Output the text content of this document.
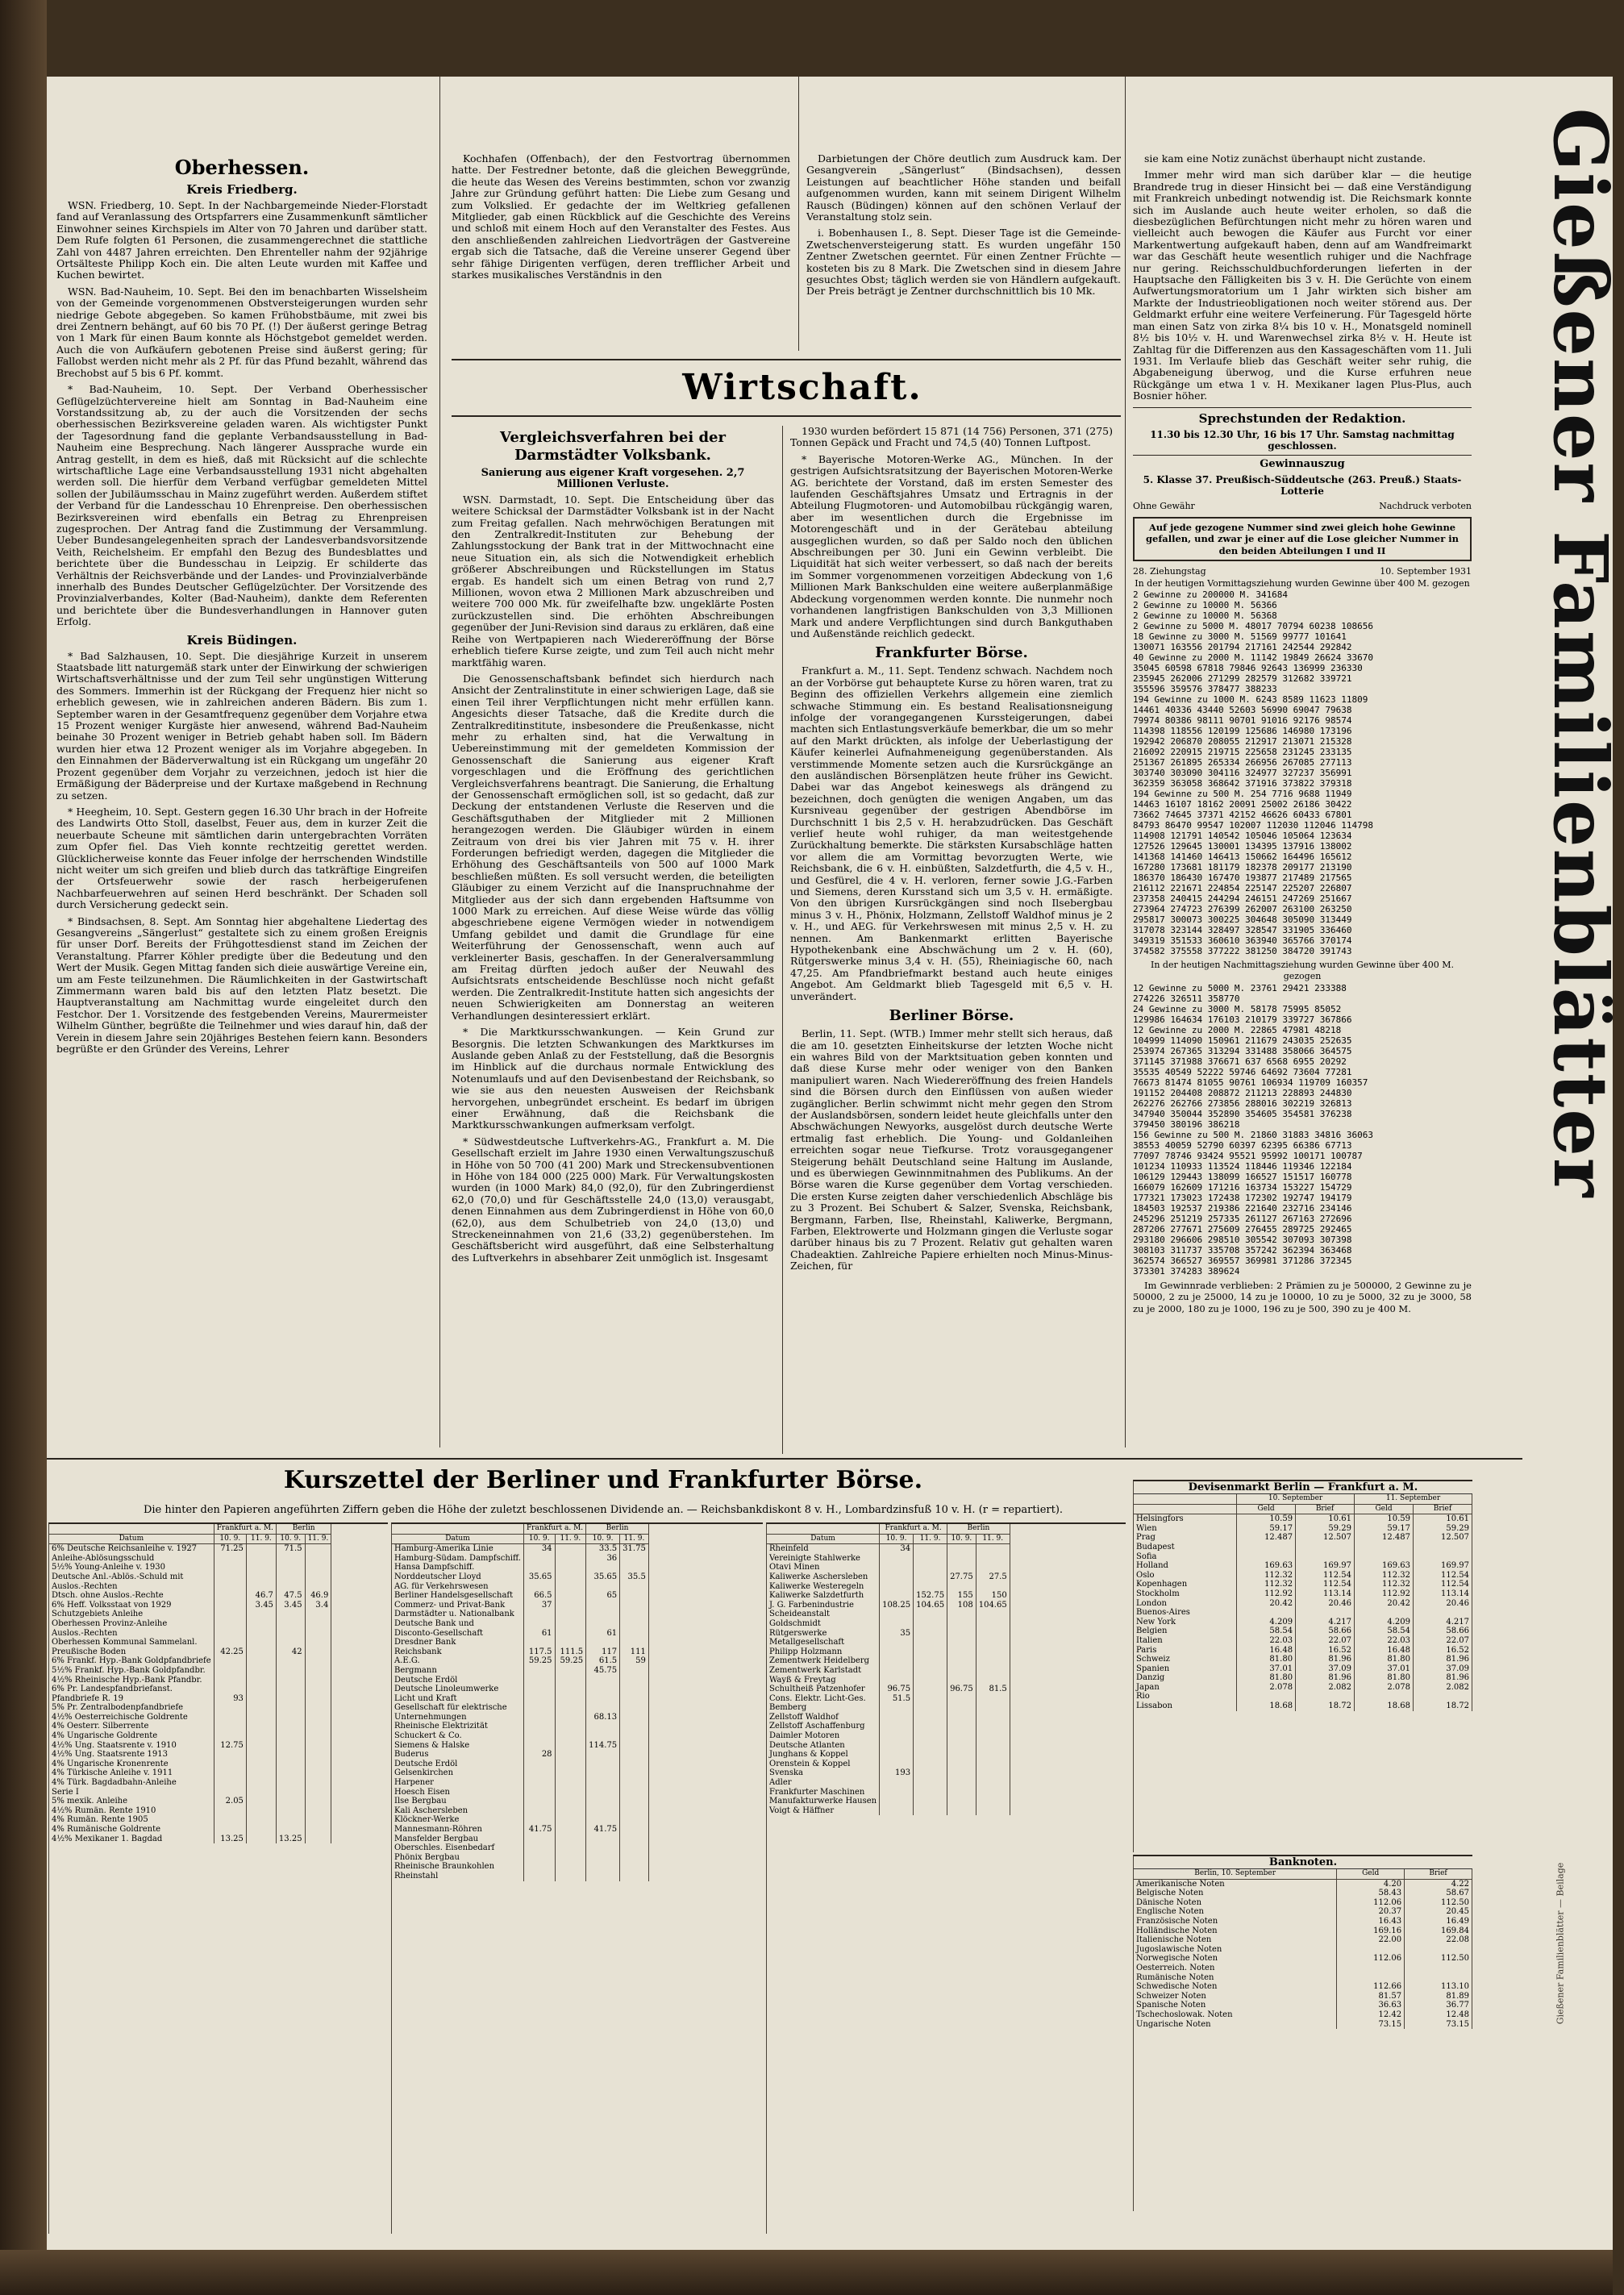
Oberhessen.
Kreis Friedberg.

WSN. Friedberg, 10. Sept. In der Nachbargemeinde Nieder-Florstadt fand auf Veranlassung des Ortspfarrers eine Zusammenkunft sämtlicher Einwohner seines Kirchspiels im Alter von 70 Jahren und darüber statt. Dem Rufe folgten 61 Personen, die zusammengerechnet die stattliche Zahl von 4487 Jahren erreichten. Den Ehrenteller nahm der 92jährige Ortsälteste Philipp Koch ein. Die alten Leute wurden mit Kaffee und Kuchen bewirtet.

WSN. Bad-Nauheim, 10. Sept. Bei den im benachbarten Wisselsheim von der Gemeinde vorgenommenen Obstversteigerungen wurden sehr niedrige Gebote abgegeben. So kamen Frühobstbäume, mit zwei bis drei Zentnern behängt, auf 60 bis 70 Pf. (!) Der äußerst geringe Betrag von 1 Mark für einen Baum konnte als Höchstgebot gemeldet werden. Auch die von Aufkäufern gebotenen Preise sind äußerst gering; für Fallobst werden nicht mehr als 2 Pf. für das Pfund bezahlt, während das Brechobst auf 5 bis 6 Pf. kommt.

* Bad-Nauheim, 10. Sept. Der Verband Oberhessischer Geflügelzüchtervereine hielt am Sonntag in Bad-Nauheim eine Vorstandssitzung ab, zu der auch die Vorsitzenden der sechs oberhessischen Bezirksvereine geladen waren. Als wichtigster Punkt der Tagesordnung fand die geplante Verbandsausstellung in Bad-Nauheim eine Besprechung. Nach längerer Aussprache wurde ein Antrag gestellt, in dem es hieß, daß mit Rücksicht auf die schlechte wirtschaftliche Lage eine Verbandsausstellung 1931 nicht abgehalten werden soll. Die hierfür dem Verband verfügbar gemeldeten Mittel sollen der Jubiläumsschau in Mainz zugeführt werden. Außerdem stiftet der Verband für die Landesschau 10 Ehrenpreise. Den oberhessischen Bezirksvereinen wird ebenfalls ein Betrag zu Ehrenpreisen zugesprochen. Der Antrag fand die Zustimmung der Versammlung. Ueber Bundesangelegenheiten sprach der Landesverbandsvorsitzende Veith, Reichelsheim. Er empfahl den Bezug des Bundesblattes und berichtete über die Bundesschau in Leipzig. Er schilderte das Verhältnis der Reichsverbände und der Landes- und Provinzialverbände innerhalb des Bundes Deutscher Geflügelzüchter. Der Vorsitzende des Provinzialverbandes, Kolter (Bad-Nauheim), dankte dem Referenten und berichtete über die Bundesverhandlungen in Hannover guten Erfolg.

Kreis Büdingen.

* Bad Salzhausen, 10. Sept. Die diesjährige Kurzeit in unserem Staatsbade litt naturgemäß stark unter der Einwirkung der schwierigen Wirtschaftsverhältnisse und der zum Teil sehr ungünstigen Witterung des Sommers. Immerhin ist der Rückgang der Frequenz hier nicht so erheblich gewesen, wie in zahlreichen anderen Bädern. Bis zum 1. September waren in der Gesamtfrequenz gegenüber dem Vorjahre etwa 15 Prozent weniger Kurgäste hier anwesend, während Bad-Nauheim beinahe 30 Prozent weniger in Betrieb gehabt haben soll. Im Bädern wurden hier etwa 12 Prozent weniger als im Vorjahre abgegeben. In den Einnahmen der Bäderverwaltung ist ein Rückgang um ungefähr 20 Prozent gegenüber dem Vorjahr zu verzeichnen, jedoch ist hier die Ermäßigung der Bäderpreise und der Kurtaxe maßgebend in Rechnung zu setzen.

* Heegheim, 10. Sept. Gestern gegen 16.30 Uhr brach in der Hofreite des Landwirts Otto Stoll, daselbst, Feuer aus, dem in kurzer Zeit die neuerbaute Scheune mit sämtlichen darin untergebrachten Vorräten zum Opfer fiel. Das Vieh konnte rechtzeitig gerettet werden. Glücklicherweise konnte das Feuer infolge der herrschenden Windstille nicht weiter um sich greifen und blieb durch das tatkräftige Eingreifen der Ortsfeuerwehr sowie der rasch herbeigerufenen Nachbarfeuerwehren auf seinen Herd beschränkt. Der Schaden soll durch Versicherung gedeckt sein.

* Bindsachsen, 8. Sept. Am Sonntag hier abgehaltene Liedertag des Gesangvereins „Sängerlust“ gestaltete sich zu einem großen Ereignis für unser Dorf. Bereits der Frühgottesdienst stand im Zeichen der Veranstaltung. Pfarrer Köhler predigte über die Bedeutung und den Wert der Musik. Gegen Mittag fanden sich dieie auswärtige Vereine ein, um am Feste teilzunehmen. Die Räumlichkeiten in der Gastwirtschaft Zimmermann waren bald bis auf den letzten Platz besetzt. Die Hauptveranstaltung am Nachmittag wurde eingeleitet durch den Festchor. Der 1. Vorsitzende des festgebenden Vereins, Maurermeister Wilhelm Günther, begrüßte die Teilnehmer und wies darauf hin, daß der Verein in diesem Jahre sein 20jähriges Bestehen feiern kann. Besonders begrüßte er den Gründer des Vereins, Lehrer

Kochhafen (Offenbach), der den Festvortrag übernommen hatte. Der Festredner betonte, daß die gleichen Beweggründe, die heute das Wesen des Vereins bestimmten, schon vor zwanzig Jahre zur Gründung geführt hatten: Die Liebe zum Gesang und zum Volkslied. Er gedachte der im Weltkrieg gefallenen Mitglieder, gab einen Rückblick auf die Geschichte des Vereins und schloß mit einem Hoch auf den Veranstalter des Festes. Aus den anschließenden zahlreichen Liedvorträgen der Gastvereine ergab sich die Tatsache, daß die Vereine unserer Gegend über sehr fähige Dirigenten verfügen, deren trefflicher Arbeit und starkes musikalisches Verständnis in den

Darbietungen der Chöre deutlich zum Ausdruck kam. Der Gesangverein „Sängerlust“ (Bindsachsen), dessen Leistungen auf beachtlicher Höhe standen und beifall aufgenommen wurden, kann mit seinem Dirigent Wilhelm Rausch (Büdingen) können auf den schönen Verlauf der Veranstaltung stolz sein.

i. Bobenhausen I., 8. Sept. Dieser Tage ist die Gemeinde-Zwetschenversteigerung statt. Es wurden ungefähr 150 Zentner Zwetschen geerntet. Für einen Zentner Früchte — kosteten bis zu 8 Mark. Die Zwetschen sind in diesem Jahre gesuchtes Obst; täglich werden sie von Händlern aufgekauft. Der Preis beträgt je Zentner durchschnittlich bis 10 Mk.

Wirtschaft.
Vergleichsverfahren bei der Darmstädter Volksbank.
Sanierung aus eigener Kraft vorgesehen. 2,7 Millionen Verluste.

WSN. Darmstadt, 10. Sept. Die Entscheidung über das weitere Schicksal der Darmstädter Volksbank ist in der Nacht zum Freitag gefallen. Nach mehrwöchigen Beratungen mit den Zentralkredit-Instituten zur Behebung der Zahlungsstockung der Bank trat in der Mittwochnacht eine neue Situation ein, als sich die Notwendigkeit erheblich größerer Abschreibungen und Rückstellungen im Status ergab. Es handelt sich um einen Betrag von rund 2,7 Millionen, wovon etwa 2 Millionen Mark abzuschreiben und weitere 700 000 Mk. für zweifelhafte bzw. ungeklärte Posten zurückzustellen sind. Die erhöhten Abschreibungen gegenüber der Juni-Revision sind daraus zu erklären, daß eine Reihe von Wertpapieren nach Wiedereröffnung der Börse erheblich tiefere Kurse zeigte, und zum Teil auch nicht mehr marktfähig waren.

Die Genossenschaftsbank befindet sich hierdurch nach Ansicht der Zentralinstitute in einer schwierigen Lage, daß sie einen Teil ihrer Verpflichtungen nicht mehr erfüllen kann. Angesichts dieser Tatsache, daß die Kredite durch die Zentralkreditinstitute, insbesondere die Preußenkasse, nicht mehr zu erhalten sind, hat die Verwaltung in Uebereinstimmung mit der gemeldeten Kommission der Genossenschaft die Sanierung aus eigener Kraft vorgeschlagen und die Eröffnung des gerichtlichen Vergleichsverfahrens beantragt. Die Sanierung, die Erhaltung der Genossenschaft ermöglichen soll, ist so gedacht, daß zur Deckung der entstandenen Verluste die Reserven und die Geschäftsguthaben der Mitglieder mit 2 Millionen herangezogen werden. Die Gläubiger würden in einem Zeitraum von drei bis vier Jahren mit 75 v. H. ihrer Forderungen befriedigt werden, dagegen die Mitglieder die Erhöhung des Geschäftsanteils von 500 auf 1000 Mark beschließen müßten. Es soll versucht werden, die beteiligten Gläubiger zu einem Verzicht auf die Inanspruchnahme der Mitglieder aus der sich dann ergebenden Haftsumme von 1000 Mark zu erreichen. Auf diese Weise würde das völlig abgeschriebene eigene Vermögen wieder in notwendigem Umfang gebildet und damit die Grundlage für eine Weiterführung der Genossenschaft, wenn auch auf verkleinerter Basis, geschaffen. In der Generalversammlung am Freitag dürften jedoch außer der Neuwahl des Aufsichtsrats entscheidende Beschlüsse noch nicht gefaßt werden. Die Zentralkredit-Institute hatten sich angesichts der neuen Schwierigkeiten am Donnerstag an weiteren Verhandlungen desinteressiert erklärt.

* Die Marktkursschwankungen. — Kein Grund zur Besorgnis. Die letzten Schwankungen des Marktkurses im Auslande geben Anlaß zu der Feststellung, daß die Besorgnis im Hinblick auf die durchaus normale Entwicklung des Notenumlaufs und auf den Devisenbestand der Reichsbank, so wie sie aus den neuesten Ausweisen der Reichsbank hervorgehen, unbegründet erscheint. Es bedarf im übrigen einer Erwähnung, daß die Reichsbank die Marktkursschwankungen aufmerksam verfolgt.

* Südwestdeutsche Luftverkehrs-AG., Frankfurt a. M. Die Gesellschaft erzielt im Jahre 1930 einen Verwaltungszuschuß in Höhe von 50 700 (41 200) Mark und Streckensubventionen in Höhe von 184 000 (225 000) Mark. Für Verwaltungskosten wurden (in 1000 Mark) 84,0 (92,0), für den Zubringerdienst 62,0 (70,0) und für Geschäftsstelle 24,0 (13,0) verausgabt, denen Einnahmen aus dem Zubringerdienst in Höhe von 60,0 (62,0), aus dem Schulbetrieb von 24,0 (13,0) und Streckeneinnahmen von 21,6 (33,2) gegenüberstehen. Im Geschäftsbericht wird ausgeführt, daß eine Selbsterhaltung des Luftverkehrs in absehbarer Zeit unmöglich ist. Insgesamt

1930 wurden befördert 15 871 (14 756) Personen, 371 (275) Tonnen Gepäck und Fracht und 74,5 (40) Tonnen Luftpost.

* Bayerische Motoren-Werke AG., München. In der gestrigen Aufsichtsratsitzung der Bayerischen Motoren-Werke AG. berichtete der Vorstand, daß im ersten Semester des laufenden Geschäftsjahres Umsatz und Ertragnis in der Abteilung Flugmotoren- und Automobilbau rückgängig waren, aber im wesentlichen durch die Ergebnisse im Motorengeschäft und in der Gerätebau abteilung ausgeglichen wurden, so daß per Saldo noch den üblichen Abschreibungen per 30. Juni ein Gewinn verbleibt. Die Liquidität hat sich weiter verbessert, so daß nach der bereits im Sommer vorgenommenen vorzeitigen Abdeckung von 1,6 Millionen Mark Bankschulden eine weitere außerplanmäßige Abdeckung vorgenommen werden konnte. Die nunmehr noch vorhandenen langfristigen Bankschulden von 3,3 Millionen Mark und andere Verpflichtungen sind durch Bankguthaben und Außenstände reichlich gedeckt.

Frankfurter Börse.

Frankfurt a. M., 11. Sept. Tendenz schwach. Nachdem noch an der Vorbörse gut behauptete Kurse zu hören waren, trat zu Beginn des offiziellen Verkehrs allgemein eine ziemlich schwache Stimmung ein. Es bestand Realisationsneigung infolge der vorangegangenen Kurssteigerungen, dabei machten sich Entlastungsverkäufe bemerkbar, die um so mehr auf den Markt drückten, als infolge der Ueberlastigung der Käufer keinerlei Aufnahmeneigung gegenüberstanden. Als verstimmende Momente setzen auch die Kursrückgänge an den ausländischen Börsenplätzen heute früher ins Gewicht. Dabei war das Angebot keineswegs als drängend zu bezeichnen, doch genügten die wenigen Angaben, um das Kursniveau gegenüber der gestrigen Abendbörse im Durchschnitt 1 bis 2,5 v. H. herabzudrücken. Das Geschäft verlief heute wohl ruhiger, da man weitestgehende Zurückhaltung bemerkte. Die stärksten Kursabschläge hatten vor allem die am Vormittag bevorzugten Werte, wie Reichsbank, die 6 v. H. einbüßten, Salzdetfurth, die 4,5 v. H., und Gesfürel, die 4 v. H. verloren, ferner sowie J.G.-Farben und Siemens, deren Kursstand sich um 3,5 v. H. ermäßigte. Von den übrigen Kursrückgängen sind noch Ilsebergbau minus 3 v. H., Phönix, Holzmann, Zellstoff Waldhof minus je 2 v. H., und AEG. für Verkehrswesen mit minus 2,5 v. H. zu nennen. Am Bankenmarkt erlitten Bayerische Hypothekenbank eine Abschwächung um 2 v. H. (60), Rütgerswerke minus 3,4 v. H. (55), Rheiniagische 60, nach 47,25. Am Pfandbriefmarkt bestand auch heute einiges Angebot. Am Geldmarkt blieb Tagesgeld mit 6,5 v. H. unverändert.

Berliner Börse.

Berlin, 11. Sept. (WTB.) Immer mehr stellt sich heraus, daß die am 10. gesetzten Einheitskurse der letzten Woche nicht ein wahres Bild von der Marktsituation geben konnten und daß diese Kurse mehr oder weniger von den Banken manipuliert waren. Nach Wiedereröffnung des freien Handels sind die Börsen durch den Einflüssen von außen wieder zugänglicher. Berlin schwimmt nicht mehr gegen den Strom der Auslandsbörsen, sondern leidet heute gleichfalls unter den Abschwächungen Newyorks, ausgelöst durch deutsche Werte ertmalig fast erheblich. Die Young- und Goldanleihen erreichten sogar neue Tiefkurse. Trotz vorausgegangener Steigerung behält Deutschland seine Haltung im Auslande, und es überwiegen Gewinnmitnahmen des Publikums. An der Börse waren die Kurse gegenüber dem Vortag verschieden. Die ersten Kurse zeigten daher verschiedenlich Abschläge bis zu 3 Prozent. Bei Schubert & Salzer, Svenska, Reichsbank, Bergmann, Farben, Ilse, Rheinstahl, Kaliwerke, Bergmann, Farben, Elektrowerte und Holzmann gingen die Verluste sogar darüber hinaus bis zu 7 Prozent. Relativ gut gehalten waren Chadeaktien. Zahlreiche Papiere erhielten noch Minus-Minus-Zeichen, für

sie kam eine Notiz zunächst überhaupt nicht zustande.

Immer mehr wird man sich darüber klar — die heutige Brandrede trug in dieser Hinsicht bei — daß eine Verständigung mit Frankreich unbedingt notwendig ist. Die Reichsmark konnte sich im Auslande auch heute weiter erholen, so daß die diesbezüglichen Befürchtungen nicht mehr zu hören waren und vielleicht auch bewogen die Käufer aus Furcht vor einer Markentwertung aufgekauft haben, denn auf am Wandfreimarkt war das Geschäft heute wesentlich ruhiger und die Nachfrage nur gering. Reichsschuldbuchforderungen lieferten in der Hauptsache den Fälligkeiten bis 3 v. H. Die Gerüchte von einem Aufwertungsmoratorium um 1 Jahr wirkten sich bisher am Markte der Industrieobligationen noch weiter störend aus. Der Geldmarkt erfuhr eine weitere Verfeinerung. Für Tagesgeld hörte man einen Satz von zirka 8¼ bis 10 v. H., Monatsgeld nominell 8½ bis 10½ v. H. und Warenwechsel zirka 8½ v. H. Heute ist Zahltag für die Differenzen aus den Kassageschäften vom 11. Juli 1931. Im Verlaufe blieb das Geschäft weiter sehr ruhig, die Abgabeneigung überwog, und die Kurse erfuhren neue Rückgänge um etwa 1 v. H. Mexikaner lagen Plus-Plus, auch Bosnier höher.

Sprechstunden der Redaktion.
11.30 bis 12.30 Uhr, 16 bis 17 Uhr. Samstag nachmittag geschlossen.
Gewinnauszug
5. Klasse 37. Preußisch-Süddeutsche (263. Preuß.) Staats-Lotterie
Ohne Gewähr	Nachdruck verboten
Auf jede gezogene Nummer sind zwei gleich hohe Gewinne gefallen, und zwar je einer auf die Lose gleicher Nummer in den beiden Abteilungen I und II
28. Ziehungstag	10. September 1931
In der heutigen Vormittagsziehung wurden Gewinne über 400 M. gezogen
2 Gewinne zu 200000 M. 341684
2 Gewinne zu 10000 M. 56366
2 Gewinne zu 10000 M. 56368
2 Gewinne zu 5000 M. 48017 70794 60238 108656
18 Gewinne zu 3000 M. 51569 99777 101641
130071 163556 201794 217161 242544 292842
40 Gewinne zu 2000 M. 11142 19849 26624 33670
35045 60598 67818 79846 92643 136999 236330
235945 262006 271299 282579 312682 339721
355596 359576 378477 388233
194 Gewinne zu 1000 M. 6243 8589 11623 11809
14461 40336 43440 52603 56990 69047 79638
79974 80386 98111 90701 91016 92176 98574
114398 118556 120199 125686 146980 173196
192942 206870 208055 212917 213071 215328
216092 220915 219715 225658 231245 233135
251367 261895 265334 266956 267085 277113
303740 303090 304116 324977 327237 356991
362359 363058 368642 371916 373822 379318
194 Gewinne zu 500 M. 254 7716 9688 11949
14463 16107 18162 20091 25002 26186 30422
73662 74645 37371 42152 46626 60433 67801
84793 86470 99547 102007 112030 112046 114798
114908 121791 140542 105046 105064 123634
127526 129645 130001 134395 137916 138002
141368 141460 146413 150662 164496 165612
167280 173681 181179 182378 209177 213190
186370 186430 167470 193877 217489 217565
216112 221671 224854 225147 225207 226807
237358 240415 244294 246151 247269 251667
273964 274723 276399 262007 263100 263250
295817 300073 300225 304648 305090 313449
317078 323144 328497 328547 331905 336460
349319 351533 360610 363940 365766 370174
374582 375558 377222 381250 384720 391743
In der heutigen Nachmittagsziehung wurden Gewinne über 400 M. gezogen
12 Gewinne zu 5000 M. 23761 29421 233388
274226 326511 358770
24 Gewinne zu 3000 M. 58178 75995 85052
129986 164634 176103 210179 339727 367866
12 Gewinne zu 2000 M. 22865 47981 48218
104999 114090 150961 211679 243035 252635
253974 267365 313294 331488 358066 364575
371145 371988 376671 637 6568 6955 20292
35535 40549 52222 59746 64692 73604 77281
76673 81474 81055 90761 106934 119709 160357
191152 204408 208872 211213 228893 244830
262276 262766 273856 288016 302219 326813
347940 350044 352890 354605 354581 376238
379450 380196 386218
156 Gewinne zu 500 M. 21860 31883 34816 36063
38553 40059 52790 60397 62395 66386 67713
77097 78746 93424 95521 95992 100171 100787
101234 110933 113524 118446 119346 122184
106129 129443 138099 166527 151517 160778
166079 162609 171216 163734 153227 154729
177321 173023 172438 172302 192747 194179
184503 192537 219386 221640 232716 234146
245296 251219 257335 261127 267163 272696
287206 277671 275609 276455 289725 292465
293180 296606 298510 305542 307093 307398
308103 311737 335708 357242 362394 363468
362574 366527 369557 369981 371286 372345
373301 374283 389624

Im Gewinnrade verblieben: 2 Prämien zu je 500000, 2 Gewinne zu je 50000, 2 zu je 25000, 14 zu je 10000, 10 zu je 5000, 32 zu je 3000, 58 zu je 2000, 180 zu je 1000, 196 zu je 500, 390 zu je 400 M.

Gießener Familienblätter
Kurszettel der Berliner und Frankfurter Börse.
Die hinter den Papieren angeführten Ziffern geben die Höhe der zuletzt beschlossenen Dividende an. — Reichsbankdiskont 8 v. H., Lombardzinsfuß 10 v. H. (r = repartiert).
	Frankfurt a. M.		Berlin	
Datum	10. 9.	11. 9.	10. 9.	11. 9.
6% Deutsche Reichsanleihe v. 1927	71.25		71.5	
Anleihe-Ablösungsschuld				
5½% Young-Anleihe v. 1930				
Deutsche Anl.-Ablös.-Schuld mit				
Auslos.-Rechten				
Dtsch. ohne Auslos.-Rechte		46.7	47.5	46.9
6% Heff. Volksstaat von 1929		3.45	3.45	3.4
Schutzgebiets Anleihe				
Oberhessen Provinz-Anleihe				
Auslos.-Rechten				
Oberhessen Kommunal Sammelanl.				
Preußische Boden	42.25		42	
6% Frankf. Hyp.-Bank Goldpfandbriefe				
5½% Frankf. Hyp.-Bank Goldpfandbr.				
4½% Rheinische Hyp.-Bank Pfandbr.				
6% Pr. Landespfandbriefanst.				
Pfandbriefe R. 19	93			
5% Pr. Zentralbodenpfandbriefe				
4½% Oesterreichische Goldrente				
4% Oesterr. Silberrente				
4% Ungarische Goldrente				
4½% Ung. Staatsrente v. 1910	12.75			
4½% Ung. Staatsrente 1913				
4% Ungarische Kronenrente				
4% Türkische Anleihe v. 1911				
4% Türk. Bagdadbahn-Anleihe				
Serie I				
5% mexik. Anleihe	2.05			
4½% Rumän. Rente 1910				
4% Rumän. Rente 1905				
4% Rumänische Goldrente				
4½% Mexikaner 1. Bagdad	13.25		13.25	
	Frankfurt a. M.		Berlin	
Datum	10. 9.	11. 9.	10. 9.	11. 9.
Hamburg-Amerika Linie	34		33.5	31.75
Hamburg-Südam. Dampfschiff.			36	
Hansa Dampfschiff.				
Norddeutscher Lloyd	35.65		35.65	35.5
AG. für Verkehrswesen				
Berliner Handelsgesellschaft	66.5		65	
Commerz- und Privat-Bank	37			
Darmstädter u. Nationalbank				
Deutsche Bank und				
Disconto-Gesellschaft	61		61	
Dresdner Bank				
Reichsbank	117.5	111.5	117	111
A.E.G.	59.25	59.25	61.5	59
Bergmann			45.75	
Deutsche Erdöl				
Deutsche Linoleumwerke				
Licht und Kraft				
Gesellschaft für elektrische				
Unternehmungen			68.13	
Rheinische Elektrizität				
Schuckert & Co.				
Siemens & Halske			114.75	
Buderus	28			
Deutsche Erdöl				
Gelsenkirchen				
Harpener				
Hoesch Eisen				
Ilse Bergbau				
Kali Aschersleben				
Klöckner-Werke				
Mannesmann-Röhren	41.75		41.75	
Mansfelder Bergbau				
Oberschles. Eisenbedarf				
Phönix Bergbau				
Rheinische Braunkohlen				
Rheinstahl				
	Frankfurt a. M.		Berlin	
Datum	10. 9.	11. 9.	10. 9.	11. 9.
Rheinfeld	34			
Vereinigte Stahlwerke				
Otavi Minen				
Kaliwerke Aschersleben			27.75	27.5
Kaliwerke Westeregeln				
Kaliwerke Salzdetfurth		152.75	155	150
J. G. Farbenindustrie	108.25	104.65	108	104.65
Scheideanstalt				
Goldschmidt				
Rütgerswerke	35			
Metallgesellschaft				
Philipp Holzmann				
Zementwerk Heidelberg				
Zementwerk Karlstadt				
Wayß & Freytag				
Schultheiß Patzenhofer	96.75		96.75	81.5
Cons. Elektr. Licht-Ges.	51.5			
Bemberg				
Zellstoff Waldhof				
Zellstoff Aschaffenburg				
Daimler Motoren				
Deutsche Atlanten				
Junghans & Koppel				
Orenstein & Koppel				
Svenska	193			
Adler				
Frankfurter Maschinen				
Manufakturwerke Hausen				
Voigt & Häffner				
Devisenmarkt Berlin — Frankfurt a. M.
	10. September		11. September	
	Geld	Brief	Geld	Brief
Helsingfors	10.59	10.61	10.59	10.61
Wien	59.17	59.29	59.17	59.29
Prag	12.487	12.507	12.487	12.507
Budapest				
Sofia				
Holland	169.63	169.97	169.63	169.97
Oslo	112.32	112.54	112.32	112.54
Kopenhagen	112.32	112.54	112.32	112.54
Stockholm	112.92	113.14	112.92	113.14
London	20.42	20.46	20.42	20.46
Buenos-Aires				
New York	4.209	4.217	4.209	4.217
Belgien	58.54	58.66	58.54	58.66
Italien	22.03	22.07	22.03	22.07
Paris	16.48	16.52	16.48	16.52
Schweiz	81.80	81.96	81.80	81.96
Spanien	37.01	37.09	37.01	37.09
Danzig	81.80	81.96	81.80	81.96
Japan	2.078	2.082	2.078	2.082
Rio				
Lissabon	18.68	18.72	18.68	18.72
Banknoten.
Berlin, 10. September	Geld	Brief
Amerikanische Noten	4.20	4.22
Belgische Noten	58.43	58.67
Dänische Noten	112.06	112.50
Englische Noten	20.37	20.45
Französische Noten	16.43	16.49
Holländische Noten	169.16	169.84
Italienische Noten	22.00	22.08
Jugoslawische Noten		
Norwegische Noten	112.06	112.50
Oesterreich. Noten		
Rumänische Noten		
Schwedische Noten	112.66	113.10
Schweizer Noten	81.57	81.89
Spanische Noten	36.63	36.77
Tschechoslowak. Noten	12.42	12.48
Ungarische Noten	73.15	73.15	Gießener Familienblätter — Beilage
